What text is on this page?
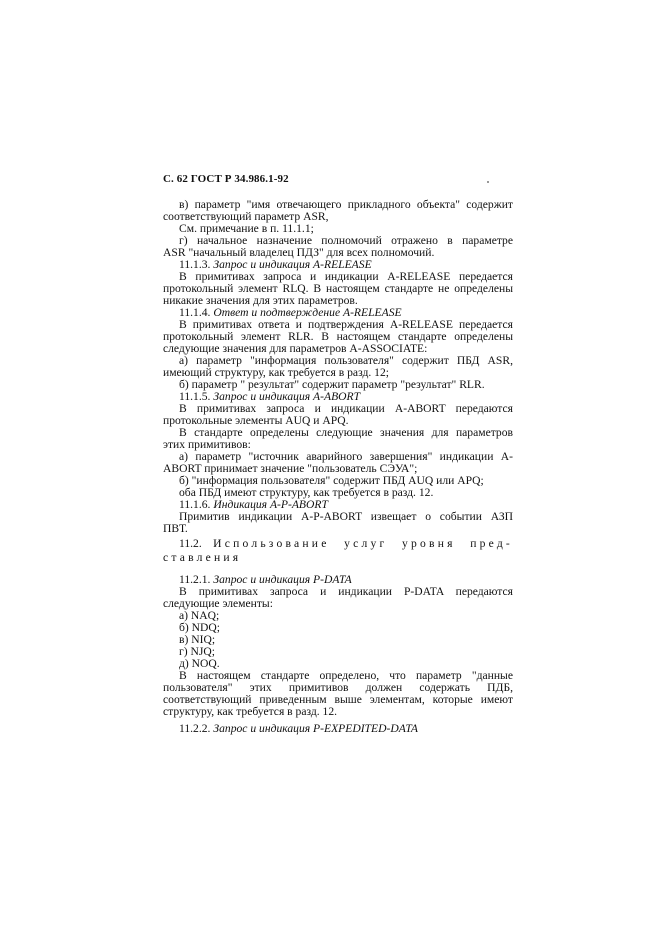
С. 62 ГОСТ Р 34.986.1-92
в) параметр "имя отвечающего прикладного объекта" содержит
соответствующий параметр ASR,
См. примечание в п. 11.1.1;
г) начальное назначение полномочий отражено в параметре
ASR "начальный владелец ПДЗ" для всех полномочий.
11.1.3. Запрос и индикация A-RELEASE
В примитивах запроса и индикации A-RELEASE передается
протокольный элемент RLQ. В настоящем стандарте не определены
никакие значения для этих параметров.
11.1.4. Ответ и подтверждение A-RELEASE
В примитивах ответа и подтверждения A-RELEASE передается
протокольный элемент RLR. В настоящем стандарте определены
следующие значения для параметров A-ASSOCIATE:
а) параметр "информация пользователя" содержит ПБД ASR,
имеющий структуру, как требуется в разд. 12;
б) параметр " результат" содержит параметр "результат" RLR.
11.1.5. Запрос и индикация A-ABORT
В примитивах запроса и индикации A-ABORT передаются
протокольные элементы AUQ и APQ.
В стандарте определены следующие значения для параметров
этих примитивов:
а) параметр "источник аварийного завершения" индикации A-
ABORT принимает значение "пользователь СЭУА";
б) "информация пользователя" содержит ПБД AUQ или APQ;
оба ПБД имеют структуру, как требуется в разд. 12.
11.1.6. Индикация A-P-ABORT
Примитив индикации A-P-ABORT извещает о событии АЗП
ПВТ.
11.2. Использование услуг уровня пред-
ставления
11.2.1. Запрос и индикация P-DATA
В примитивах запроса и индикации P-DATA передаются
следующие элементы:
а) NAQ;
б) NDQ;
в) NIQ;
г) NJQ;
д) NOQ.
В настоящем стандарте определено, что параметр "данные
пользователя" этих примитивов должен содержать ПДБ,
соответствующий приведенным выше элементам, которые имеют
структуру, как требуется в разд. 12.
11.2.2. Запрос и индикация P-EXPEDITED-DATA
